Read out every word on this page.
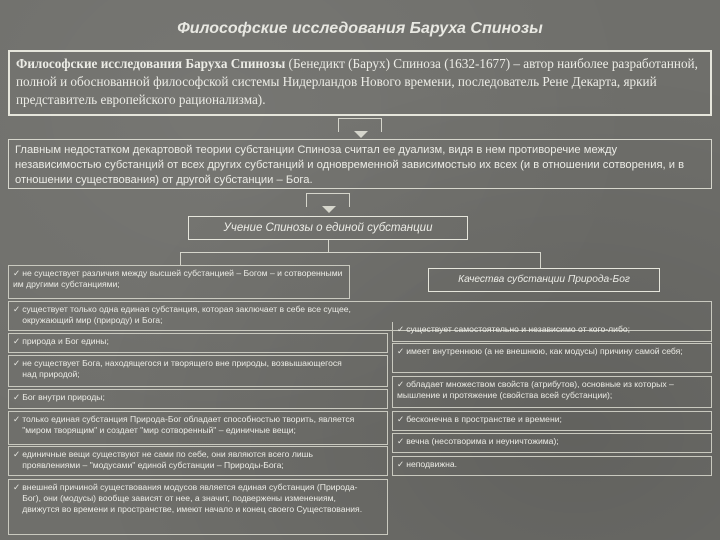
Философские исследования Баруха Спинозы
Философские исследования Баруха Спинозы (Бенедикт (Барух) Спиноза (1632-1677) – автор наиболее разработанной, полной и обоснованной философской системы Нидерландов Нового времени, последователь Рене Декарта, яркий представитель европейского рационализма).
Главным недостатком декартовой теории субстанции Спиноза считал ее дуализм, видя в нем противоречие между независимостью субстанций от всех других субстанций и одновременной зависимостью их всех (и в отношении сотворения, и в отношении существования) от другой субстанции – Бога.
Учение Спинозы о единой субстанции
Качества субстанции Природа-Бог
✓ не существует различия между высшей субстанцией – Богом – и сотворенными им другими субстанциями;
✓ существует только одна единая субстанция, которая заключает в себе все сущее, окружающий мир (природу) и Бога;
✓ природа и Бог едины;
✓ не существует Бога, находящегося и творящего вне природы, возвышающегося над природой;
✓ Бог внутри природы;
✓ только единая субстанция Природа-Бог обладает способностью творить, является "миром творящим" и создает "мир сотворенный" – единичные вещи;
✓ единичные вещи существуют не сами по себе, они являются всего лишь проявлениями – "модусами" единой субстанции – Природы-Бога;
✓ внешней причиной существования модусов является единая субстанция (Природа-Бог), они (модусы) вообще зависят от нее, а значит, подвержены изменениям, движутся во времени и пространстве, имеют начало и конец своего Существования.
✓ существует самостоятельно и независимо от кого-либо;
✓ имеет внутреннюю (а не внешнюю, как модусы) причину самой себя;
✓ обладает множеством свойств (атрибутов), основные из которых – мышление и протяжение (свойства всей субстанции);
✓ бесконечна в пространстве и времени;
✓ вечна (несотворима и неуничтожима);
✓ неподвижна.
